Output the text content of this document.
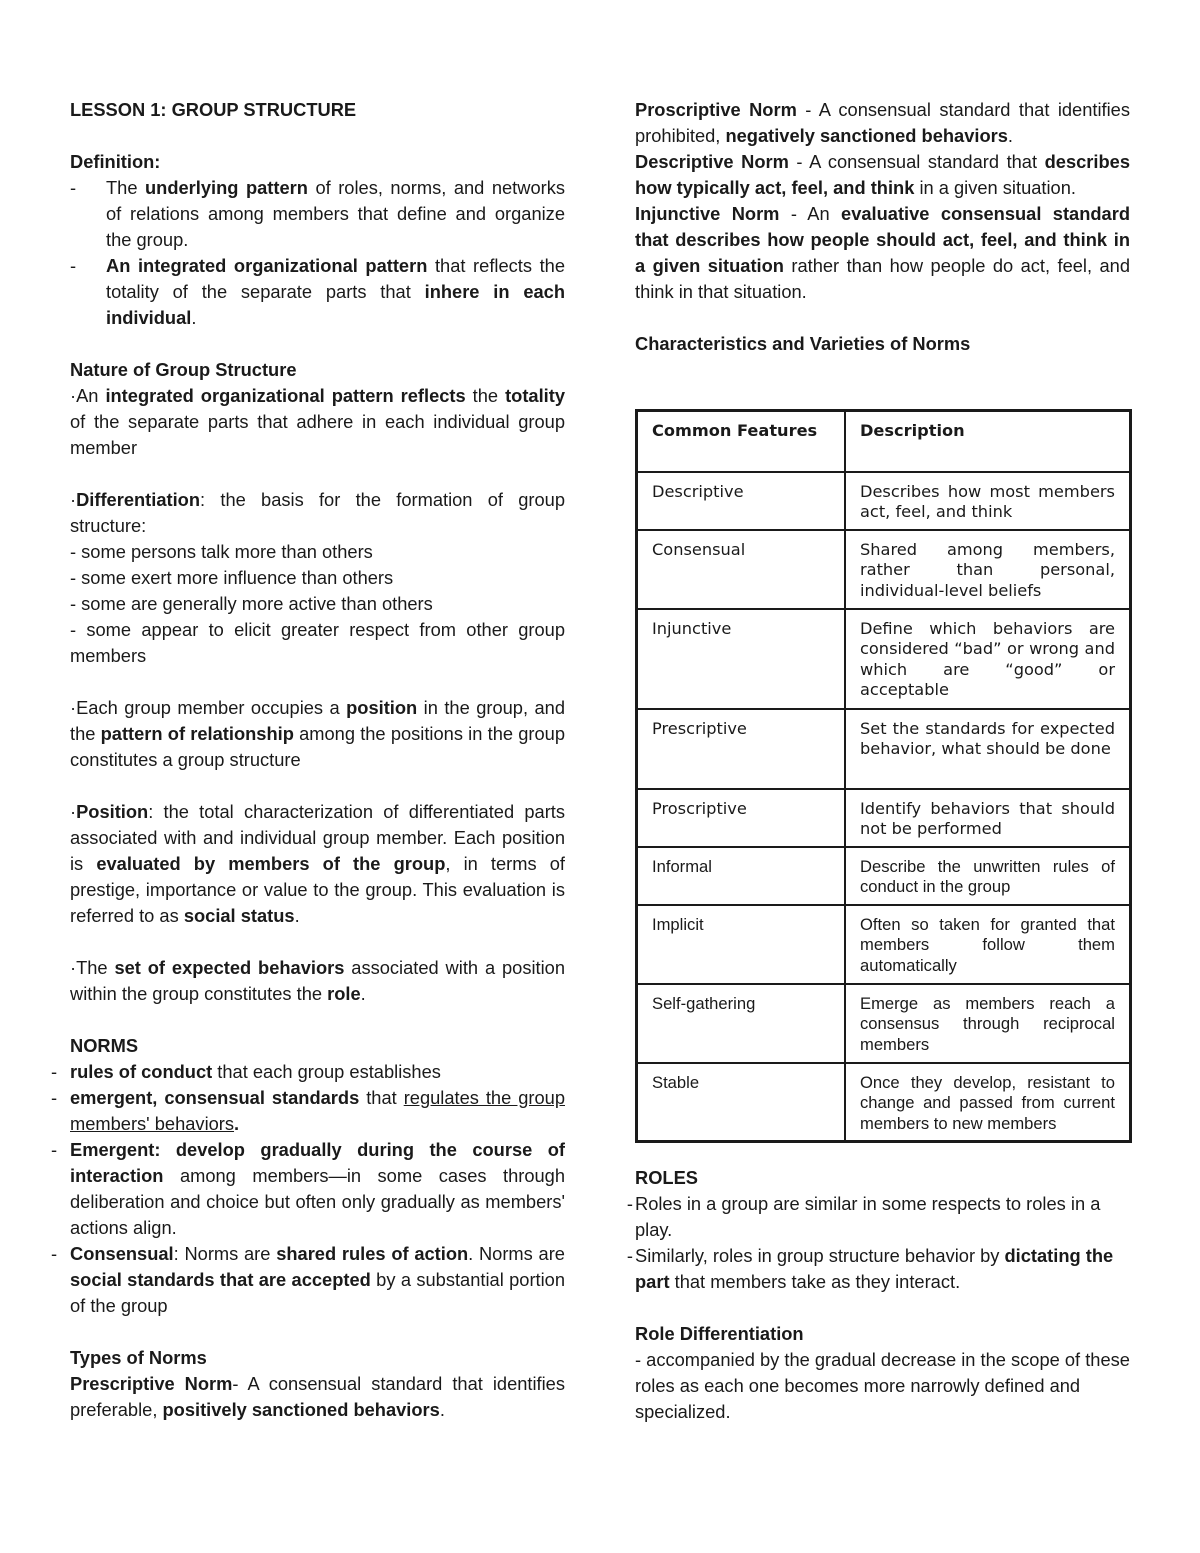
LESSON 1: GROUP STRUCTURE

Definition:

-	The underlying pattern of roles, norms, and networks of relations among members that define and organize the group.
-	An integrated organizational pattern that reflects the totality of the separate parts that inhere in each individual.

Nature of Group Structure

·An integrated organizational pattern reflects the totality of the separate parts that adhere in each individual group member

·Differentiation: the basis for the formation of group structure:

- some persons talk more than others

- some exert more influence than others

- some are generally more active than others

- some appear to elicit greater respect from other group members

·Each group member occupies a position in the group, and the pattern of relationship among the positions in the group constitutes a group structure

·Position: the total characterization of differentiated parts associated with and individual group member. Each position is evaluated by members of the group, in terms of prestige, importance or value to the group. This evaluation is referred to as social status.

·The set of expected behaviors associated with a position within the group constitutes the role.

NORMS

- rules of conduct that each group establishes
- emergent, consensual standards that regulates the group members' behaviors.
- Emergent: develop gradually during the course of interaction among members—in some cases through deliberation and choice but often only gradually as members' actions align.
- Consensual: Norms are shared rules of action. Norms are social standards that are accepted by a substantial portion of the group

Types of Norms

Prescriptive Norm- A consensual standard that identifies preferable, positively sanctioned behaviors.

Proscriptive Norm - A consensual standard that identifies prohibited, negatively sanctioned behaviors.

Descriptive Norm - A consensual standard that describes how typically act, feel, and think in a given situation.

Injunctive Norm - An evaluative consensual standard that describes how people should act, feel, and think in a given situation rather than how people do act, feel, and think in that situation.

Characteristics and Varieties of Norms

Common Features	Description
Descriptive	Describes how most members act, feel, and think

Consensual	Shared among members, rather than personal, individual-level beliefs

Injunctive	Define which behaviors are considered “bad” or wrong and which are “good” or acceptable

Prescriptive	Set the standards for expected behavior, what should be done

Proscriptive	Identify behaviors that should not be performed

Informal	Describe the unwritten rules of conduct in the group

Implicit	Often so taken for granted that members follow them automatically

Self-gathering	Emerge as members reach a consensus through reciprocal members

Stable	Once they develop, resistant to change and passed from current members to new members

ROLES

- Roles in a group are similar in some respects to roles in a play.
- Similarly, roles in group structure behavior by dictating the part that members take as they interact.

Role Differentiation

- accompanied by the gradual decrease in the scope of these roles as each one becomes more narrowly defined and specialized.
